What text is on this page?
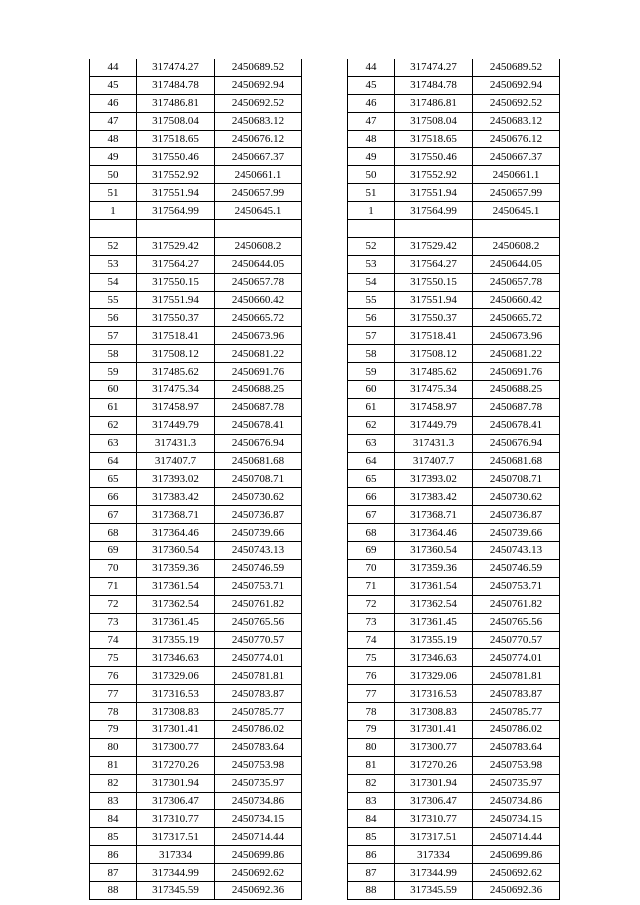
44	317474.27	2450689.52
45	317484.78	2450692.94
46	317486.81	2450692.52
47	317508.04	2450683.12
48	317518.65	2450676.12
49	317550.46	2450667.37
50	317552.92	2450661.1
51	317551.94	2450657.99
1	317564.99	2450645.1

52	317529.42	2450608.2
53	317564.27	2450644.05
54	317550.15	2450657.78
55	317551.94	2450660.42
56	317550.37	2450665.72
57	317518.41	2450673.96
58	317508.12	2450681.22
59	317485.62	2450691.76
60	317475.34	2450688.25
61	317458.97	2450687.78
62	317449.79	2450678.41
63	317431.3	2450676.94
64	317407.7	2450681.68
65	317393.02	2450708.71
66	317383.42	2450730.62
67	317368.71	2450736.87
68	317364.46	2450739.66
69	317360.54	2450743.13
70	317359.36	2450746.59
71	317361.54	2450753.71
72	317362.54	2450761.82
73	317361.45	2450765.56
74	317355.19	2450770.57
75	317346.63	2450774.01
76	317329.06	2450781.81
77	317316.53	2450783.87
78	317308.83	2450785.77
79	317301.41	2450786.02
80	317300.77	2450783.64
81	317270.26	2450753.98
82	317301.94	2450735.97
83	317306.47	2450734.86
84	317310.77	2450734.15
85	317317.51	2450714.44
86	317334	2450699.86
87	317344.99	2450692.62
88	317345.59	2450692.36
44	317474.27	2450689.52
45	317484.78	2450692.94
46	317486.81	2450692.52
47	317508.04	2450683.12
48	317518.65	2450676.12
49	317550.46	2450667.37
50	317552.92	2450661.1
51	317551.94	2450657.99
1	317564.99	2450645.1

52	317529.42	2450608.2
53	317564.27	2450644.05
54	317550.15	2450657.78
55	317551.94	2450660.42
56	317550.37	2450665.72
57	317518.41	2450673.96
58	317508.12	2450681.22
59	317485.62	2450691.76
60	317475.34	2450688.25
61	317458.97	2450687.78
62	317449.79	2450678.41
63	317431.3	2450676.94
64	317407.7	2450681.68
65	317393.02	2450708.71
66	317383.42	2450730.62
67	317368.71	2450736.87
68	317364.46	2450739.66
69	317360.54	2450743.13
70	317359.36	2450746.59
71	317361.54	2450753.71
72	317362.54	2450761.82
73	317361.45	2450765.56
74	317355.19	2450770.57
75	317346.63	2450774.01
76	317329.06	2450781.81
77	317316.53	2450783.87
78	317308.83	2450785.77
79	317301.41	2450786.02
80	317300.77	2450783.64
81	317270.26	2450753.98
82	317301.94	2450735.97
83	317306.47	2450734.86
84	317310.77	2450734.15
85	317317.51	2450714.44
86	317334	2450699.86
87	317344.99	2450692.62
88	317345.59	2450692.36
